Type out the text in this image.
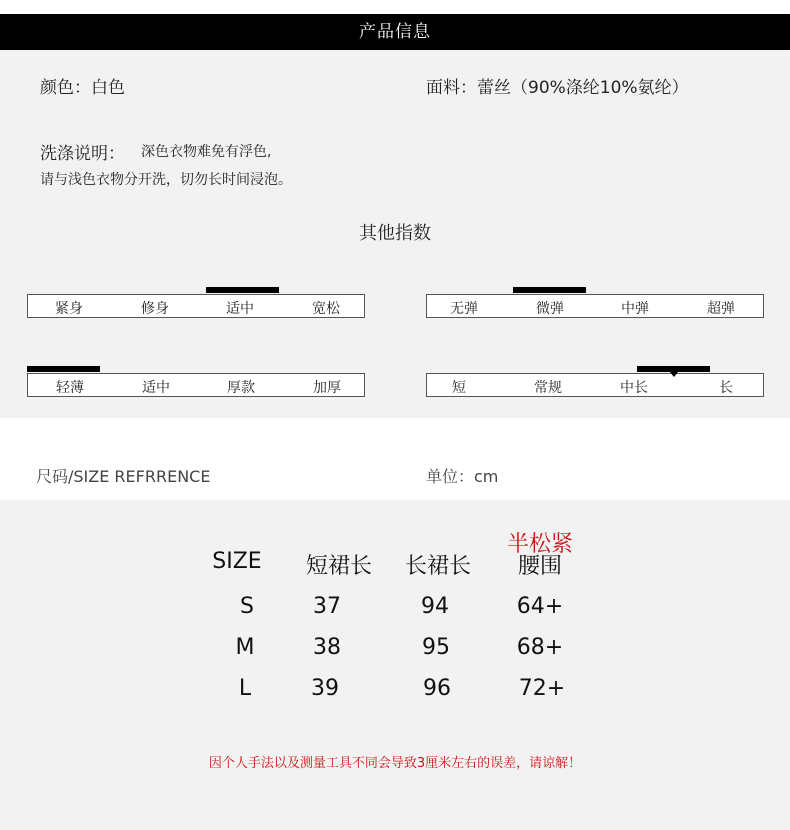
产品信息
颜色：白色	面料：蕾丝（90%涤纶10%氨纶）
洗涤说明： 深色衣物难免有浮色,
请与浅色衣物分开洗，切勿长时间浸泡。
其他指数
紧身	修身	适中	宽松	无弹	微弹	中弹	超弹
轻薄	适中	厚款	加厚	短	常规	中长	长
尺码/SIZE REFRRENCE	单位：cm
半松紧
SIZE 短裙长 长裙长 腰围
S	37	94	64+
M	38	95	68+
L	39	96	72+
因个人手法以及测量工具不同会导致3厘米左右的误差，请谅解！
